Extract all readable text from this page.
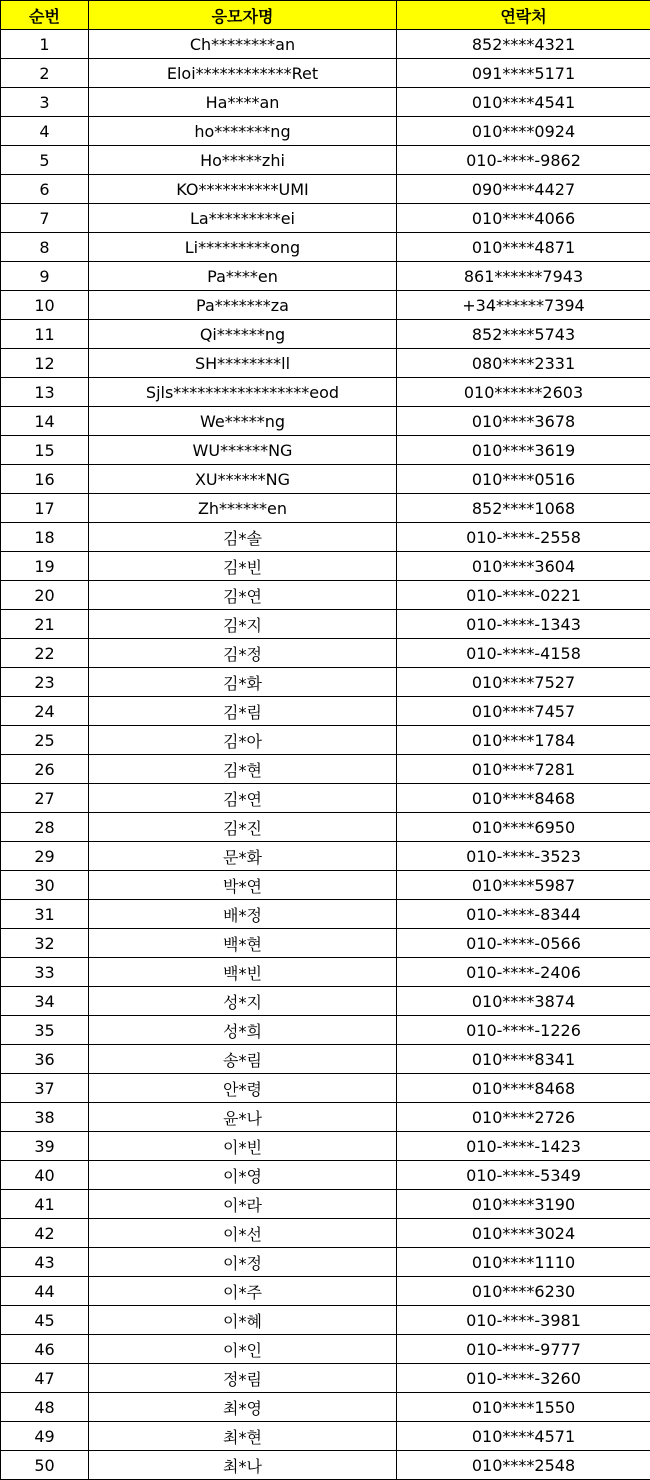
순번	응모자명	연락처
1	Ch********an	852****4321
2	Eloi************Ret	091****5171
3	Ha****an	010****4541
4	ho*******ng	010****0924
5	Ho*****zhi	010-****-9862
6	KO**********UMI	090****4427
7	La*********ei	010****4066
8	Li*********ong	010****4871
9	Pa****en	861******7943
10	Pa*******za	+34******7394
11	Qi******ng	852****5743
12	SH********ll	080****2331
13	Sjls*****************eod	010******2603
14	We*****ng	010****3678
15	WU******NG	010****3619
16	XU******NG	010****0516
17	Zh******en	852****1068
18	김*솔	010-****-2558
19	김*빈	010****3604
20	김*연	010-****-0221
21	김*지	010-****-1343
22	김*정	010-****-4158
23	김*화	010****7527
24	김*림	010****7457
25	김*아	010****1784
26	김*현	010****7281
27	김*연	010****8468
28	김*진	010****6950
29	문*화	010-****-3523
30	박*연	010****5987
31	배*정	010-****-8344
32	백*현	010-****-0566
33	백*빈	010-****-2406
34	성*지	010****3874
35	성*희	010-****-1226
36	송*림	010****8341
37	안*령	010****8468
38	윤*나	010****2726
39	이*빈	010-****-1423
40	이*영	010-****-5349
41	이*라	010****3190
42	이*선	010****3024
43	이*정	010****1110
44	이*주	010****6230
45	이*혜	010-****-3981
46	이*인	010-****-9777
47	정*림	010-****-3260
48	최*영	010****1550
49	최*현	010****4571
50	최*나	010****2548
